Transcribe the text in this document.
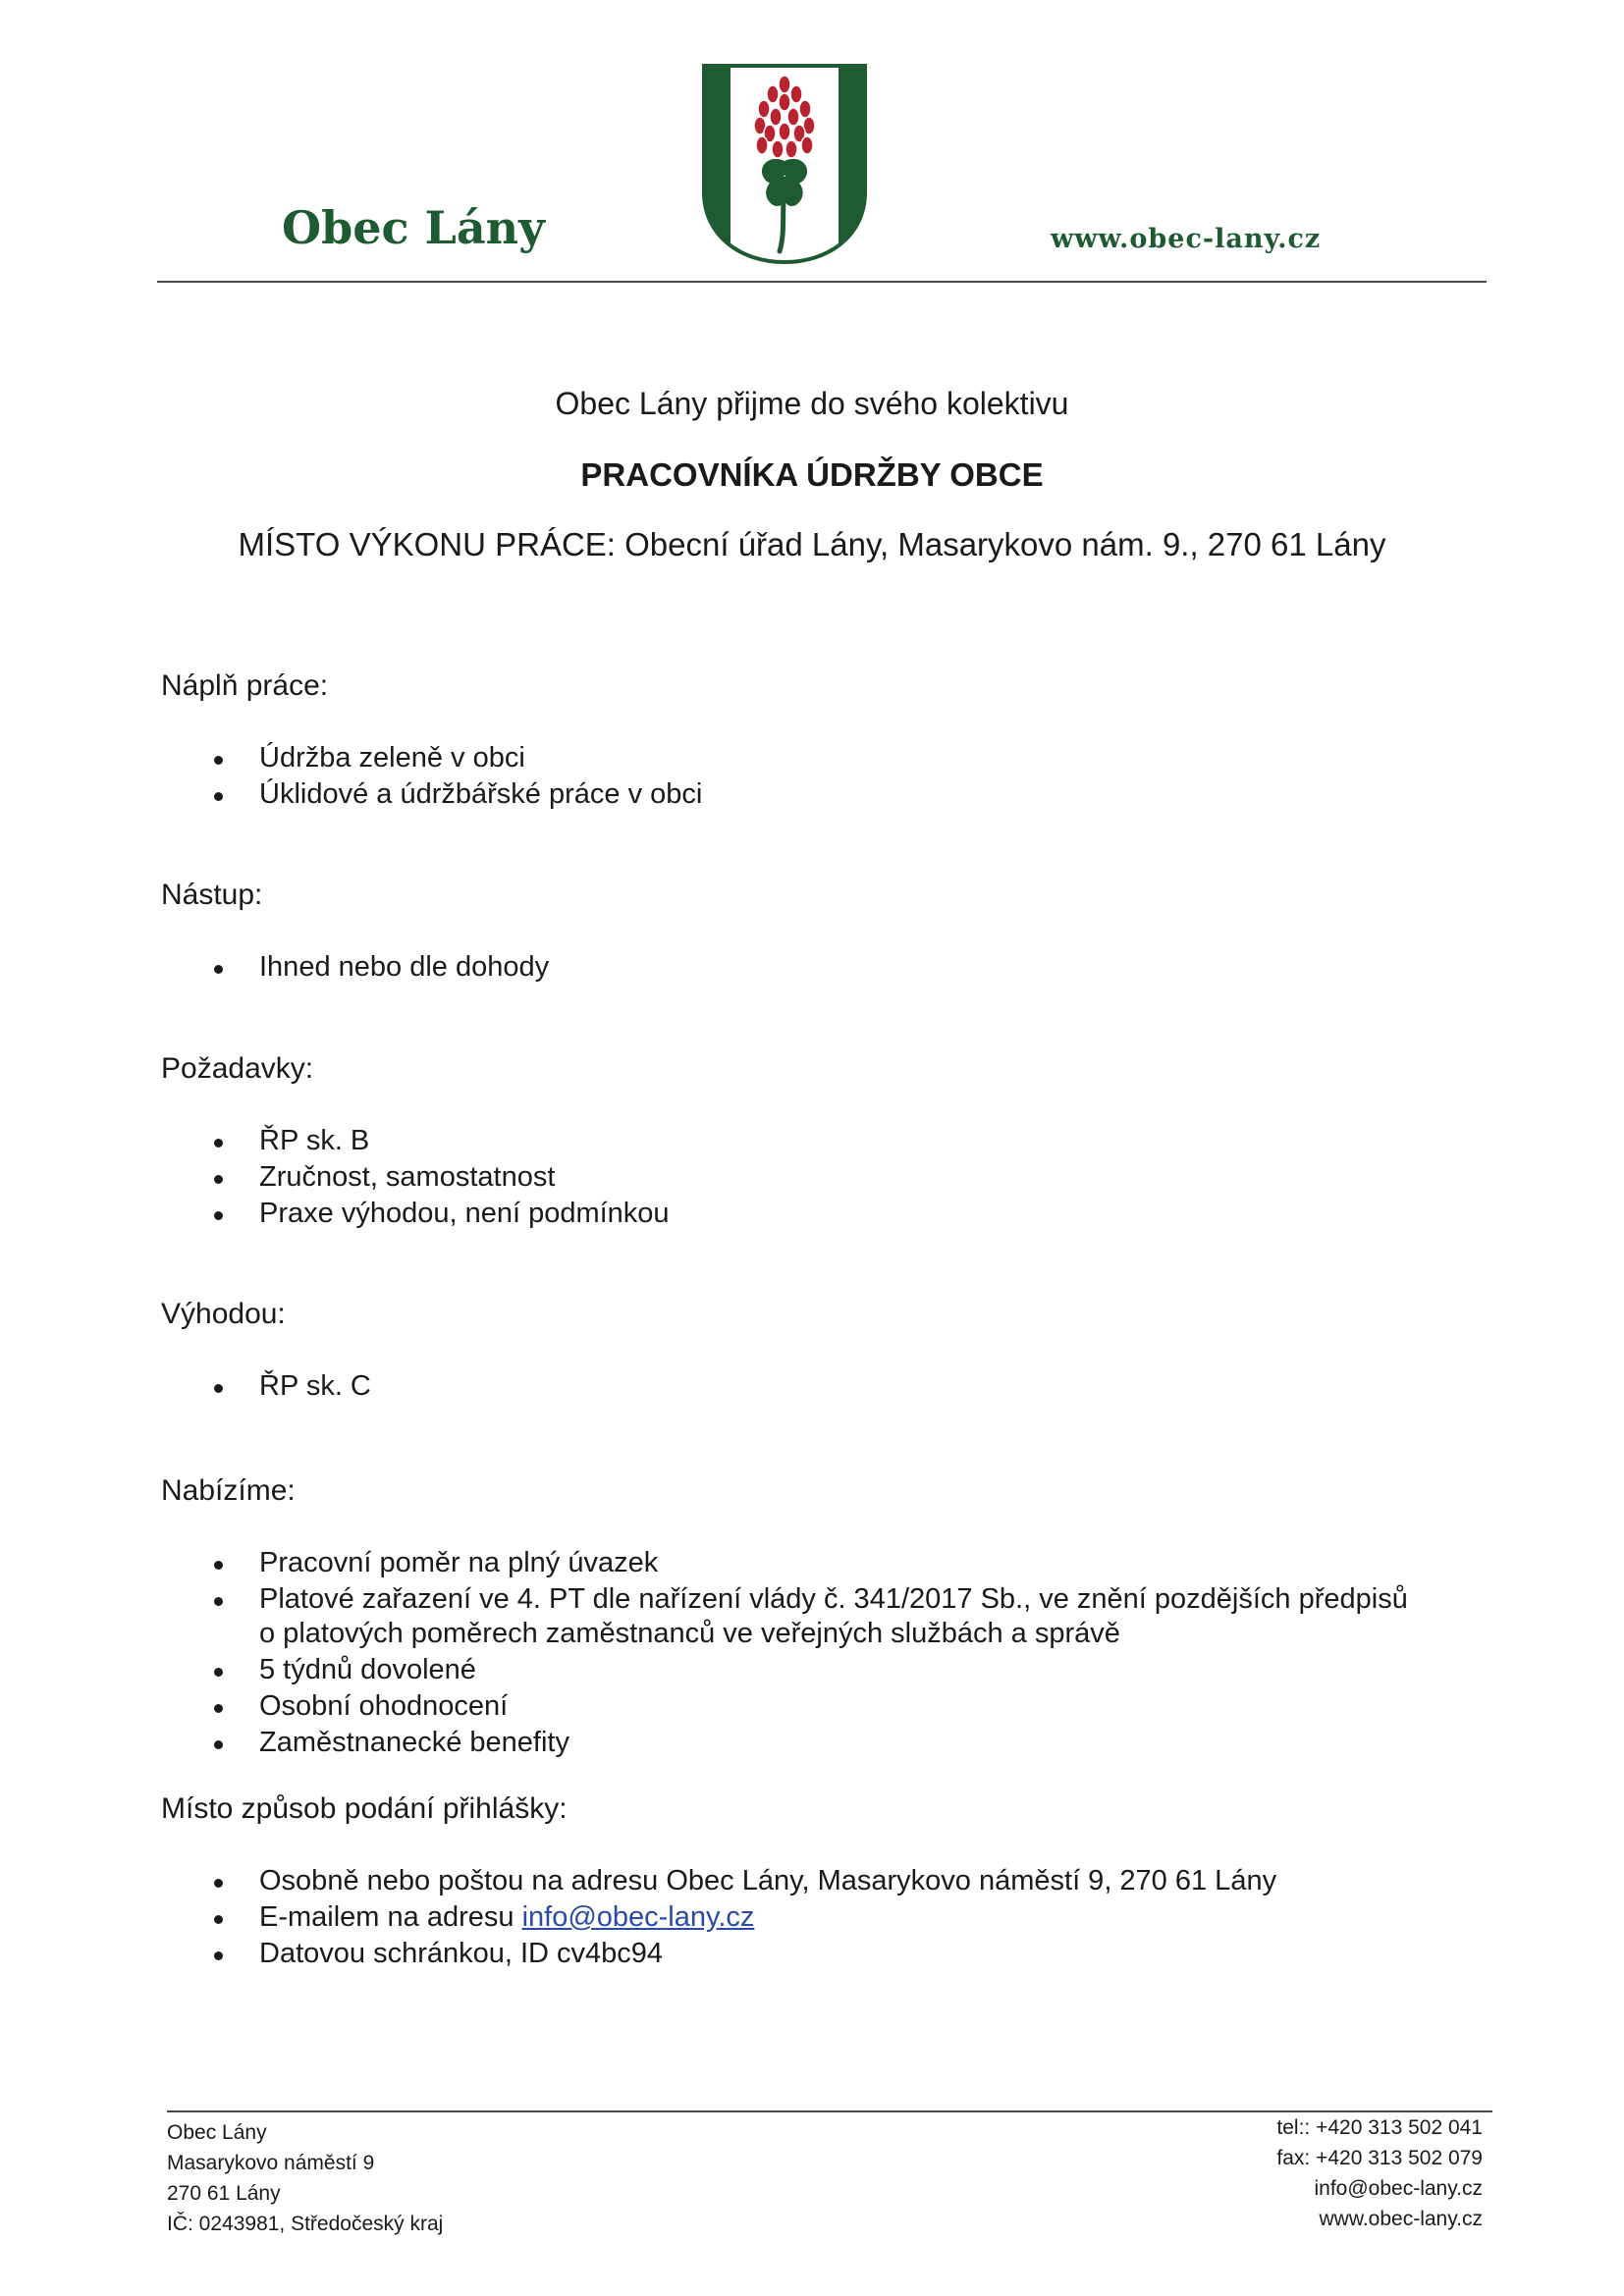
Obec Lány	www.obec-lany.cz
Obec Lány přijme do svého kolektivu
PRACOVNÍKA ÚDRŽBY OBCE
MÍSTO VÝKONU PRÁCE: Obecní úřad Lány, Masarykovo nám. 9., 270 61 Lány

Náplň práce:

Údržba zeleně v obci
Úklidové a údržbářské práce v obci

Nástup:

Ihned nebo dle dohody

Požadavky:

ŘP sk. B
Zručnost, samostatnost
Praxe výhodou, není podmínkou

Výhodou:

ŘP sk. C

Nabízíme:

Pracovní poměr na plný úvazek
Platové zařazení ve 4. PT dle nařízení vlády č. 341/2017 Sb., ve znění pozdějších předpisů
o platových poměrech zaměstnanců ve veřejných službách a správě
5 týdnů dovolené
Osobní ohodnocení
Zaměstnanecké benefity

Místo způsob podání přihlášky:

Osobně nebo poštou na adresu Obec Lány, Masarykovo náměstí 9, 270 61 Lány
E-mailem na adresu info@obec-lany.cz
Datovou schránkou, ID cv4bc94
Obec Lány
Masarykovo náměstí 9
270 61 Lány
IČ: 0243981, Středočeský kraj
tel:: +420 313 502 041
fax: +420 313 502 079
info@obec-lany.cz
www.obec-lany.cz
